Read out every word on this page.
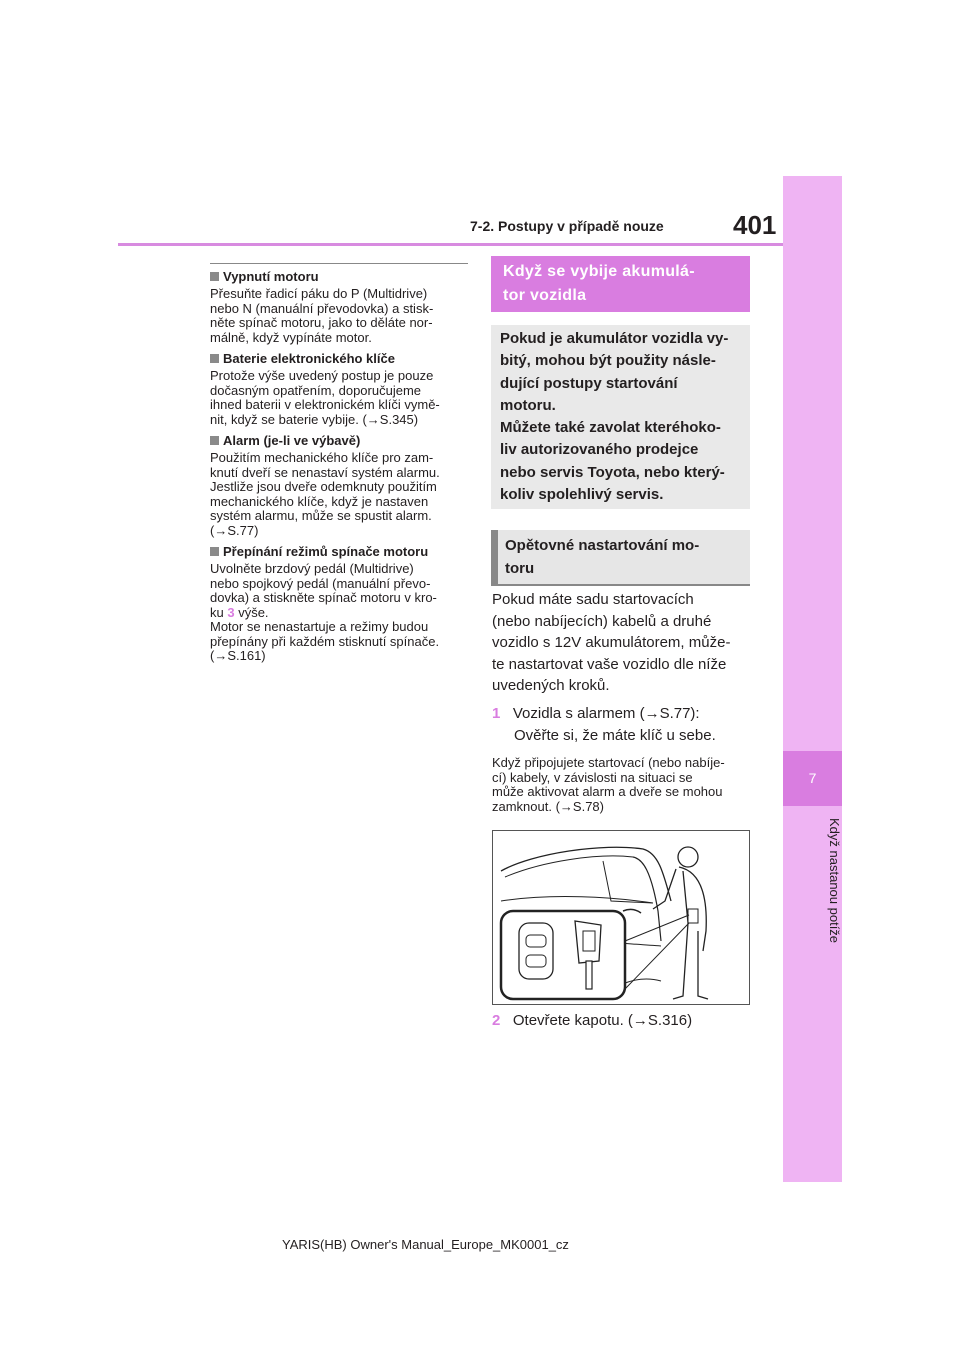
7-2. Postupy v případě nouze	401
7
Když nastanou potíže
Vypnutí motoru
Přesuňte řadicí páku do P (Multidrive)
nebo N (manuální převodovka) a stisk-
něte spínač motoru, jako to děláte nor-
málně, když vypínáte motor.
Baterie elektronického klíče
Protože výše uvedený postup je pouze
dočasným opatřením, doporučujeme
ihned baterii v elektronickém klíči vymě-
nit, když se baterie vybije. (→S.345)
Alarm (je-li ve výbavě)
Použitím mechanického klíče pro zam-
knutí dveří se nenastaví systém alarmu.
Jestliže jsou dveře odemknuty použitím
mechanického klíče, když je nastaven
systém alarmu, může se spustit alarm.
(→S.77)
Přepínání režimů spínače motoru
Uvolněte brzdový pedál (Multidrive)
nebo spojkový pedál (manuální převo-
dovka) a stiskněte spínač motoru v kro-
ku 3 výše.
Motor se nenastartuje a režimy budou
přepínány při každém stisknutí spínače.
(→S.161)
Když se vybije akumulá-
tor vozidla
Pokud je akumulátor vozidla vy-
bitý, mohou být použity násle-
dující postupy startování
motoru.
Můžete také zavolat kteréhoko-
liv autorizovaného prodejce
nebo servis Toyota, nebo který-
koliv spolehlivý servis.
Opětovné nastartování mo-
toru
Pokud máte sadu startovacích
(nebo nabíjecích) kabelů a druhé
vozidlo s 12V akumulátorem, může-
te nastartovat vaše vozidlo dle níže
uvedených kroků.
1 Vozidla s alarmem (→S.77):
Ověřte si, že máte klíč u sebe.
Když připojujete startovací (nebo nabíje-
cí) kabely, v závislosti na situaci se
může aktivovat alarm a dveře se mohou
zamknout. (→S.78)
2 Otevřete kapotu. (→S.316)
YARIS(HB) Owner's Manual_Europe_MK0001_cz
